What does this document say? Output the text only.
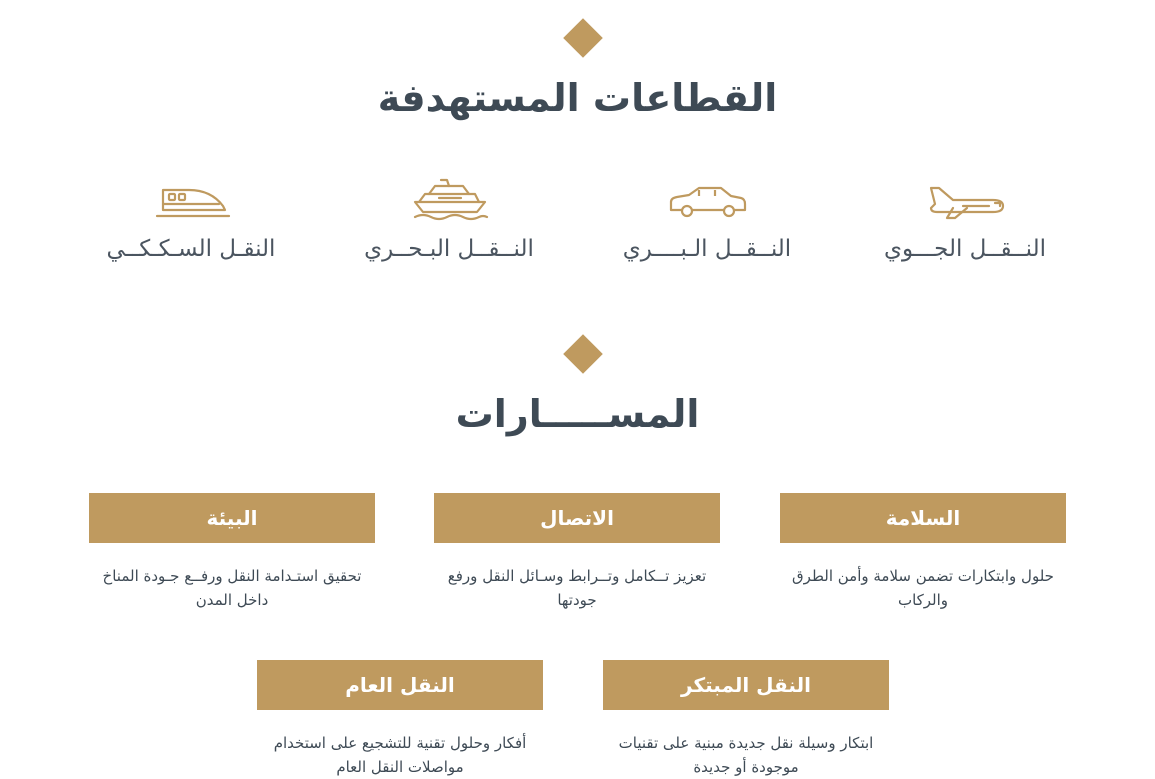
القطاعات المستهدفة
النــقــل الجـــوي
النــقــل الـبــــري
النــقــل البـحــري
النقـل السـكـكــي
المســـــارات
السلامة
حلول وابتكارات تضمن سلامة وأمن الطرق والركاب
الاتصال
تعزيز تــكامل وتــرابط وسـائل النقل ورفع جودتها
البيئة
تحقيق استـدامة النقل ورفــع جـودة المناخ داخل المدن
النقل المبتكر
ابتكار وسيلة نقل جديدة مبنية على تقنيات موجودة أو جديدة
النقل العام
أفكار وحلول تقنية للتشجيع على استخدام مواصلات النقل العام
